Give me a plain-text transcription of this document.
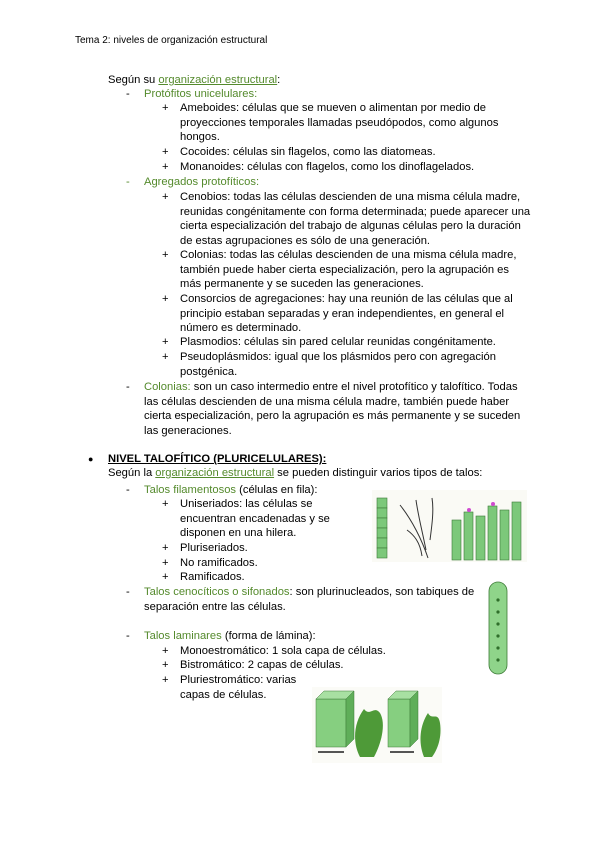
Tema 2: niveles de organización estructural
Según su organización estructural:
- Protófitos unicelulares:
+ Ameboides: células que se mueven o alimentan por medio de
proyecciones temporales llamadas pseudópodos, como algunos
hongos.
+ Cocoides: células sin flagelos, como las diatomeas.
+ Monanoides: células con flagelos, como los dinoflagelados.
- Agregados protofíticos:
+ Cenobios: todas las células descienden de una misma célula madre,
reunidas congénitamente con forma determinada; puede aparecer una
cierta especialización del trabajo de algunas células pero la duración
de estas agrupaciones es sólo de una generación.
+ Colonias: todas las células descienden de una misma célula madre,
también puede haber cierta especialización, pero la agrupación es
más permanente y se suceden las generaciones.
+ Consorcios de agregaciones: hay una reunión de las células que al
principio estaban separadas y eran independientes, en general el
número es determinado.
+ Plasmodios: células sin pared celular reunidas congénitamente.
+ Pseudoplásmidos: igual que los plásmidos pero con agregación
postgénica.
- Colonias: son un caso intermedio entre el nivel protofítico y talofítico. Todas
las células descienden de una misma célula madre, también puede haber
cierta especialización, pero la agrupación es más permanente y se suceden
las generaciones.
● NIVEL TALOFÍTICO (PLURICELULARES):
Según la organización estructural se pueden distinguir varios tipos de talos:
- Talos filamentosos (células en fila):
+ Uniseriados: las células se
encuentran encadenadas y se
disponen en una hilera.
+ Pluriseriados.
+ No ramificados.
+ Ramificados.
- Talos cenocíticos o sifonados: son plurinucleados, son tabiques de
separación entre las células.
- Talos laminares (forma de lámina):
+ Monoestromático: 1 sola capa de células.
+ Bistromático: 2 capas de células.
+ Pluriestromático: varias
capas de células.
